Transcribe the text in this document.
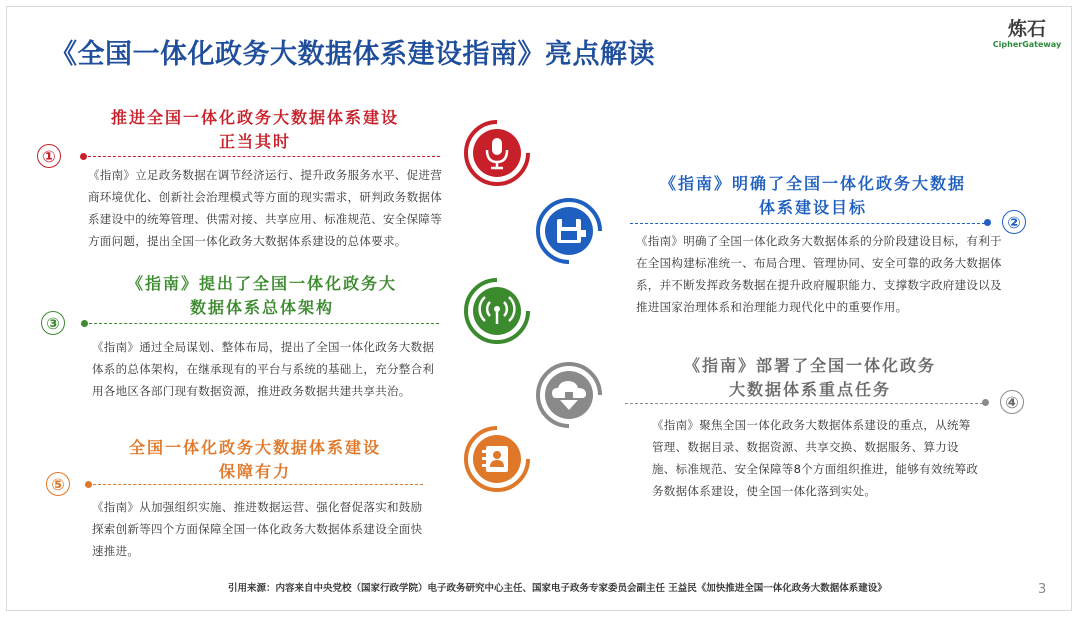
《全国一体化政务大数据体系建设指南》亮点解读
炼石
CipherGateway
推进全国一体化政务大数据体系建设
正当其时
①
《指南》立足政务数据在调节经济运行、提升政务服务水平、促进营商环境优化、创新社会治理模式等方面的现实需求，研判政务数据体系建设中的统筹管理、供需对接、共享应用、标准规范、安全保障等方面问题，提出全国一体化政务大数据体系建设的总体要求。
《指南》明确了全国一体化政务大数据
体系建设目标
②
《指南》明确了全国一体化政务大数据体系的分阶段建设目标，有利于在全国构建标准统一、布局合理、管理协同、安全可靠的政务大数据体系，并不断发挥政务数据在提升政府履职能力、支撑数字政府建设以及推进国家治理体系和治理能力现代化中的重要作用。
《指南》提出了全国一体化政务大
数据体系总体架构
③
《指南》通过全局谋划、整体布局，提出了全国一体化政务大数据体系的总体架构，在继承现有的平台与系统的基础上，充分整合利用各地区各部门现有数据资源，推进政务数据共建共享共治。
《指南》部署了全国一体化政务
大数据体系重点任务
④
《指南》聚焦全国一体化政务大数据体系建设的重点，从统筹管理、数据目录、数据资源、共享交换、数据服务、算力设施、标准规范、安全保障等8个方面组织推进，能够有效统筹政务数据体系建设，使全国一体化落到实处。
全国一体化政务大数据体系建设
保障有力
⑤
《指南》从加强组织实施、推进数据运营、强化督促落实和鼓励探索创新等四个方面保障全国一体化政务大数据体系建设全面快速推进。
引用来源：内容来自中央党校（国家行政学院）电子政务研究中心主任、国家电子政务专家委员会副主任 王益民《加快推进全国一体化政务大数据体系建设》	3
